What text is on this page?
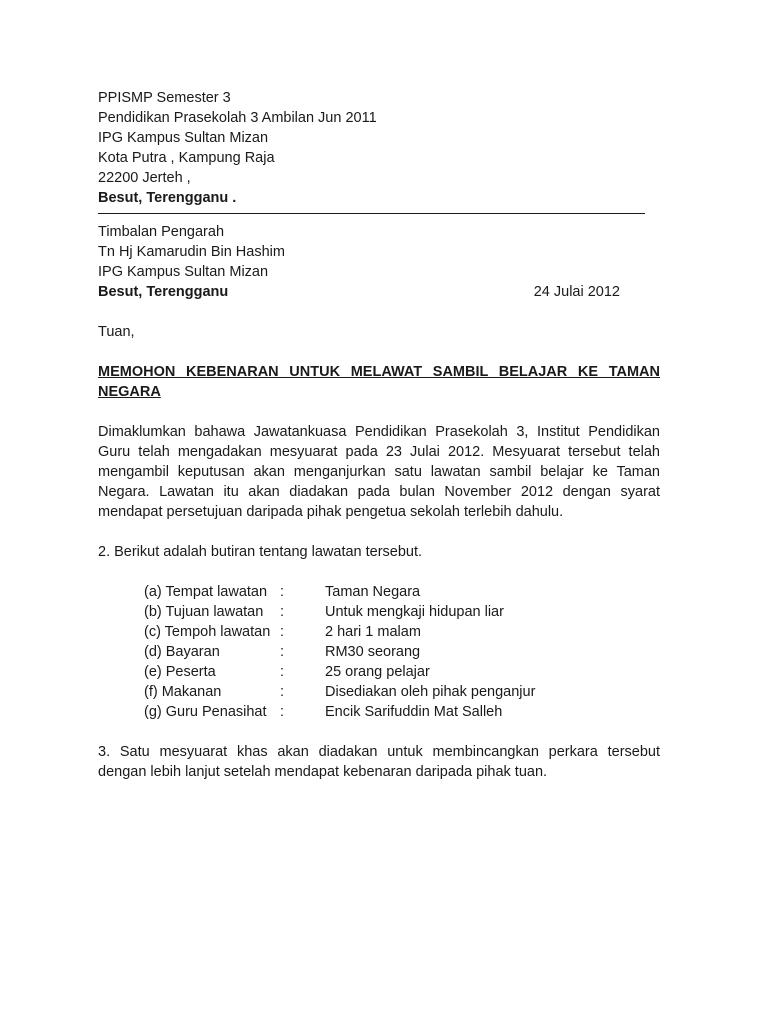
PPISMP Semester 3
Pendidikan Prasekolah 3 Ambilan Jun 2011
IPG Kampus Sultan Mizan
Kota Putra , Kampung Raja
22200 Jerteh ,
Besut, Terengganu .
Timbalan Pengarah
Tn Hj Kamarudin Bin Hashim
IPG Kampus Sultan Mizan
Besut, Terengganu	24 Julai 2012
Tuan,
MEMOHON KEBENARAN UNTUK MELAWAT SAMBIL BELAJAR KE TAMAN NEGARA
Dimaklumkan bahawa Jawatankuasa Pendidikan Prasekolah 3, Institut Pendidikan Guru telah mengadakan mesyuarat pada 23 Julai 2012. Mesyuarat tersebut telah mengambil keputusan akan menganjurkan satu lawatan sambil belajar ke Taman Negara. Lawatan itu akan diadakan pada bulan November 2012 dengan syarat mendapat persetujuan daripada pihak pengetua sekolah terlebih dahulu.
2. Berikut adalah butiran tentang lawatan tersebut.
(a) Tempat lawatan :	Taman Negara
(b) Tujuan lawatan	:	Untuk mengkaji hidupan liar
(c) Tempoh lawatan :	2 hari 1 malam
(d) Bayaran	:	RM30 seorang
(e) Peserta	:	25 orang pelajar
(f) Makanan	:	Disediakan oleh pihak penganjur
(g) Guru Penasihat :	Encik Sarifuddin Mat Salleh
3. Satu mesyuarat khas akan diadakan untuk membincangkan perkara tersebut dengan lebih lanjut setelah mendapat kebenaran daripada pihak tuan.
